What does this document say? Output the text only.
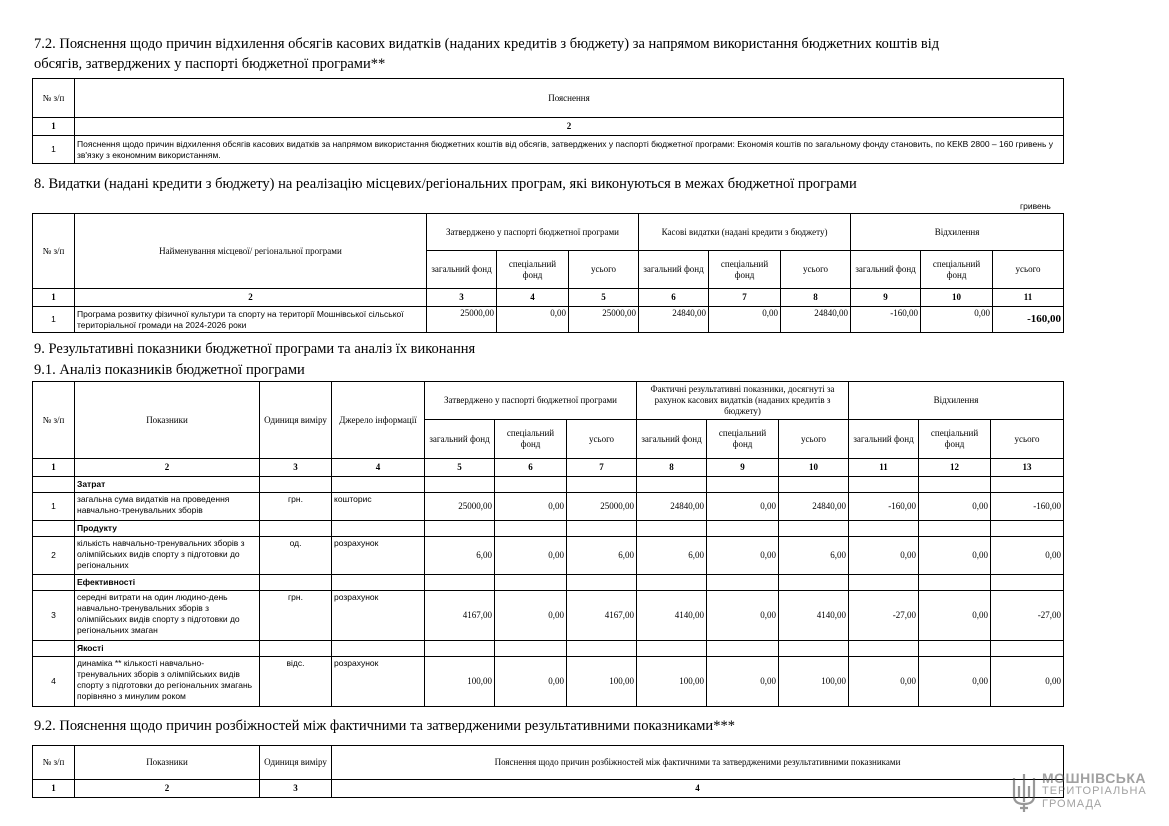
7.2. Пояснення щодо причин відхилення обсягів касових видатків (наданих кредитів з бюджету) за напрямом використання бюджетних коштів від
обсягів, затверджених у паспорті бюджетної програми**
№ з/п	Пояснення
1	2
1	Пояснення щодо причин відхилення обсягів касових видатків за напрямом використання бюджетних коштів від обсягів, затверджених у паспорті бюджетної програми: Економія коштів по загальному фонду становить, по КЕКВ 2800 – 160 гривень у зв'язку з економним використанням.
8. Видатки (надані кредити з бюджету) на реалізацію місцевих/регіональних програм, які виконуються в межах бюджетної програми
гривень
№ з/п	Найменування місцевої/ регіональної програми	Затверджено у паспорті бюджетної програми			Касові видатки (надані кредити з бюджету)			Відхилення		
		загальний фонд	спеціальний фонд	усього	загальний фонд	спеціальний фонд	усього	загальний фонд	спеціальний фонд	усього
1	2	3	4	5	6	7	8	9	10	11
1	Програма розвитку фізичної культури та спорту на території Мошнівської сільської територіальної громади на 2024-2026 роки	25000,00	0,00	25000,00	24840,00	0,00	24840,00	-160,00	0,00	-160,00
9. Результативні показники бюджетної програми та аналіз їх виконання
9.1. Аналіз показників бюджетної програми
№ з/п	Показники	Одиниця виміру	Джерело інформації	Затверджено у паспорті бюджетної програми			Фактичні результативні показники, досягнуті за рахунок касових видатків (наданих кредитів з бюджету)			Відхилення		
				загальний фонд	спеціальний фонд	усього	загальний фонд	спеціальний фонд	усього	загальний фонд	спеціальний фонд	усього
1	2	3	4	5	6	7	8	9	10	11	12	13
	Затрат											
1	загальна сума видатків на проведення навчально-тренувальних зборів	грн.	кошторис	25000,00	0,00	25000,00	24840,00	0,00	24840,00	-160,00	0,00	-160,00
	Продукту											
2	кількість навчально-тренувальних зборів з олімпійських видів спорту з підготовки до регіональних	од.	розрахунок	6,00	0,00	6,00	6,00	0,00	6,00	0,00	0,00	0,00
	Ефективності											
3	середні витрати на один людино-день навчально-тренувальних зборів з олімпійських видів спорту з підготовки до регіональних змаган	грн.	розрахунок	4167,00	0,00	4167,00	4140,00	0,00	4140,00	-27,00	0,00	-27,00
	Якості											
4	динаміка ** кількості навчально-тренувальних зборів з олімпійських видів спорту з підготовки до регіональних змагань порівняно з минулим роком	відс.	розрахунок	100,00	0,00	100,00	100,00	0,00	100,00	0,00	0,00	0,00
9.2. Пояснення щодо причин розбіжностей між фактичними та затвердженими результативними показниками***
№ з/п	Показники	Одиниця виміру	Пояснення щодо причин розбіжностей між фактичними та затвердженими результативними показниками
1	2	3	4
МОШНІВСЬКА
ТЕРИТОРІАЛЬНА
ГРОМАДА
